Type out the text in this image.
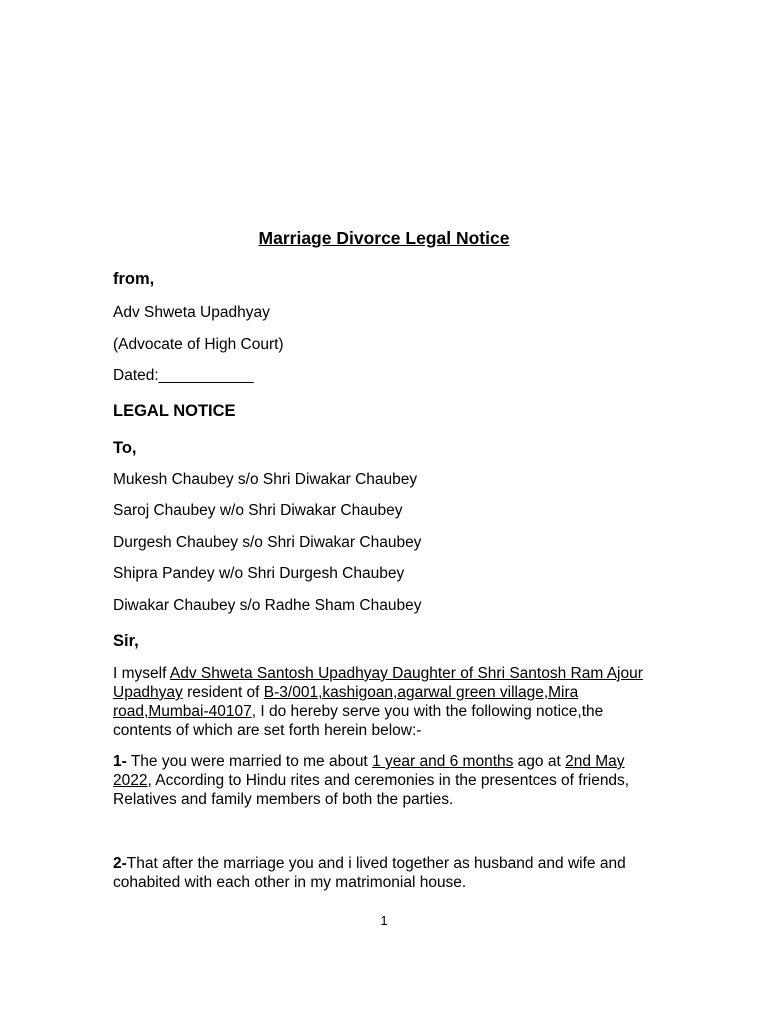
Marriage Divorce Legal Notice
from,
Adv Shweta Upadhyay
(Advocate of High Court)
Dated:___________
LEGAL NOTICE
To,
Mukesh Chaubey s/o Shri Diwakar Chaubey
Saroj Chaubey w/o Shri Diwakar Chaubey
Durgesh Chaubey s/o Shri Diwakar Chaubey
Shipra Pandey w/o Shri Durgesh Chaubey
Diwakar Chaubey s/o Radhe Sham Chaubey
Sir,
I myself Adv Shweta Santosh Upadhyay Daughter of Shri Santosh Ram Ajour Upadhyay resident of B-3/001,kashigoan,agarwal green village,Mira road,Mumbai-40107, I do hereby serve you with the following notice,the contents of which are set forth herein below:-
1- The you were married to me about 1 year and 6 months ago at 2nd May 2022, According to Hindu rites and ceremonies in the presentces of friends, Relatives and family members of both the parties.
2-That after the marriage you and i lived together as husband and wife and cohabited with each other in my matrimonial house.
1
